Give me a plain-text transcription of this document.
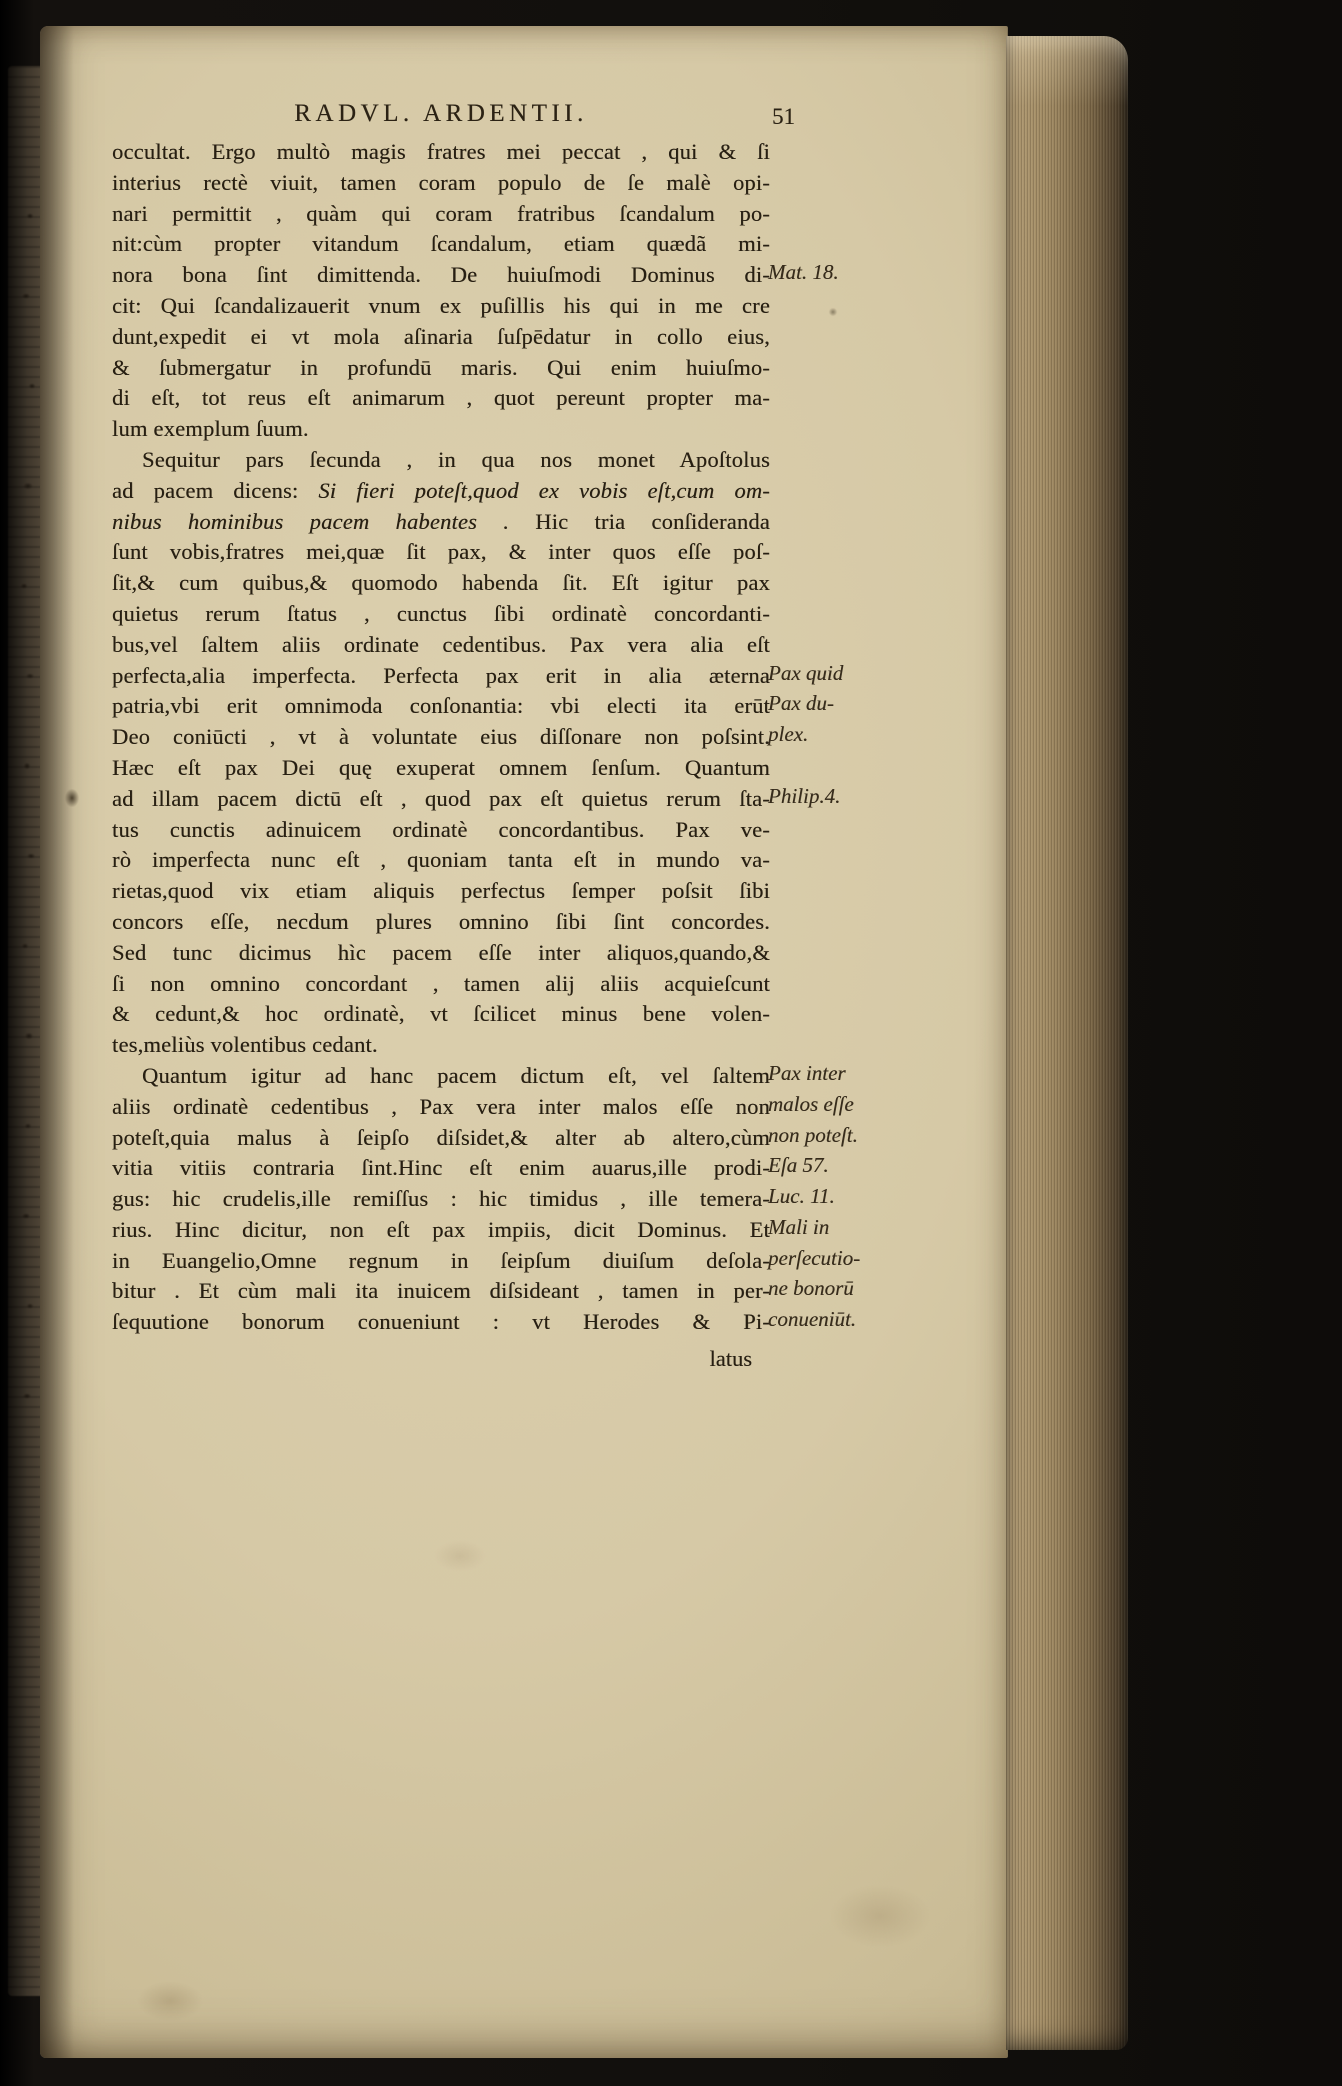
RADVL. ARDENTII.	51
occultat. Ergo multò magis fratres mei peccat , qui & ſi
interius rectè viuit, tamen coram populo de ſe malè opi-
nari permittit , quàm qui coram fratribus ſcandalum po-
nit:cùm propter vitandum ſcandalum, etiam quædã mi-
nora bona ſint dimittenda. De huiuſmodi Dominus di-
cit: Qui ſcandalizauerit vnum ex puſillis his qui in me cre
dunt,expedit ei vt mola aſinaria ſuſpēdatur in collo eius,
& ſubmergatur in profundū maris. Qui enim huiuſmo-
di eſt, tot reus eſt animarum , quot pereunt propter ma-
lum exemplum ſuum.
Sequitur pars ſecunda , in qua nos monet Apoſtolus
ad pacem dicens: Si fieri poteſt,quod ex vobis eſt,cum om-
nibus hominibus pacem habentes . Hic tria conſideranda
ſunt vobis,fratres mei,quæ ſit pax, & inter quos eſſe poſ-
ſit,& cum quibus,& quomodo habenda ſit. Eſt igitur pax
quietus rerum ſtatus , cunctus ſibi ordinatè concordanti-
bus,vel ſaltem aliis ordinate cedentibus. Pax vera alia eſt
perfecta,alia imperfecta. Perfecta pax erit in alia æterna
patria,vbi erit omnimoda conſonantia: vbi electi ita erūt
Deo coniūcti , vt à voluntate eius diſſonare non poſsint.
Hæc eſt pax Dei quę exuperat omnem ſenſum. Quantum
ad illam pacem dictū eſt , quod pax eſt quietus rerum ſta-
tus cunctis adinuicem ordinatè concordantibus. Pax ve-
rò imperfecta nunc eſt , quoniam tanta eſt in mundo va-
rietas,quod vix etiam aliquis perfectus ſemper poſsit ſibi
concors eſſe, necdum plures omnino ſibi ſint concordes.
Sed tunc dicimus hìc pacem eſſe inter aliquos,quando,&
ſi non omnino concordant , tamen alij aliis acquieſcunt
& cedunt,& hoc ordinatè, vt ſcilicet minus bene volen-
tes,meliùs volentibus cedant.
Quantum igitur ad hanc pacem dictum eſt, vel ſaltem
aliis ordinatè cedentibus , Pax vera inter malos eſſe non
poteſt,quia malus à ſeipſo diſsidet,& alter ab altero,cùm
vitia vitiis contraria ſint.Hinc eſt enim auarus,ille prodi-
gus: hic crudelis,ille remiſſus : hic timidus , ille temera-
rius. Hinc dicitur, non eſt pax impiis, dicit Dominus. Et
in Euangelio,Omne regnum in ſeipſum diuiſum deſola-
bitur . Et cùm mali ita inuicem diſsideant , tamen in per-
ſequutione bonorum conueniunt : vt Herodes & Pi-
latus
Mat. 18.
Pax quid
Pax du-
plex.
Philip.4.
Pax inter
malos eſſe
non poteſt.
Eſa 57.
Luc. 11.
Mali in
perſecutio-
ne bonorū
conueniūt.
